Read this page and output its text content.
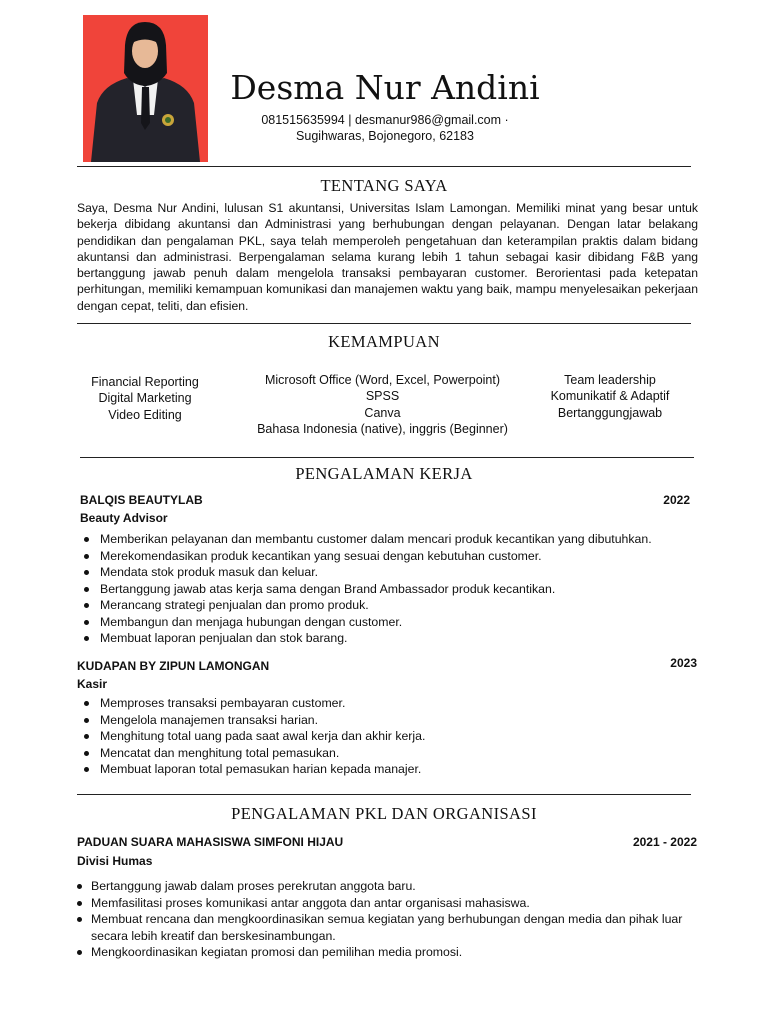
Desma Nur Andini
081515635994 | desmanur986@gmail.com ·
Sugihwaras, Bojonegoro, 62183
TENTANG SAYA
Saya, Desma Nur Andini, lulusan S1 akuntansi, Universitas Islam Lamongan. Memiliki minat yang besar untuk bekerja dibidang akuntansi dan Administrasi yang berhubungan dengan pelayanan. Dengan latar belakang pendidikan dan pengalaman PKL, saya telah memperoleh pengetahuan dan keterampilan praktis dalam bidang akuntansi dan administrasi. Berpengalaman selama kurang lebih 1 tahun sebagai kasir dibidang F&B yang bertanggung jawab penuh dalam mengelola transaksi pembayaran customer. Berorientasi pada ketepatan perhitungan, memiliki kemampuan komunikasi dan manajemen waktu yang baik, mampu menyelesaikan pekerjaan dengan cepat, teliti, dan efisien.
KEMAMPUAN
Financial Reporting
Digital Marketing
Video Editing
Microsoft Office (Word, Excel, Powerpoint)
SPSS
Canva
Bahasa Indonesia (native), inggris (Beginner)
Team leadership
Komunikatif & Adaptif
Bertanggungjawab
PENGALAMAN KERJA
BALQIS BEAUTYLAB	2022
Beauty Advisor
Memberikan pelayanan dan membantu customer dalam mencari produk kecantikan yang dibutuhkan.
Merekomendasikan produk kecantikan yang sesuai dengan kebutuhan customer.
Mendata stok produk masuk dan keluar.
Bertanggung jawab atas kerja sama dengan Brand Ambassador produk kecantikan.
Merancang strategi penjualan dan promo produk.
Membangun dan menjaga hubungan dengan customer.
Membuat laporan penjualan dan stok barang.
KUDAPAN BY ZIPUN LAMONGAN	2023
Kasir
Memproses transaksi pembayaran customer.
Mengelola manajemen transaksi harian.
Menghitung total uang pada saat awal kerja dan akhir kerja.
Mencatat dan menghitung total pemasukan.
Membuat laporan total pemasukan harian kepada manajer.
PENGALAMAN PKL DAN ORGANISASI
PADUAN SUARA MAHASISWA SIMFONI HIJAU	2021 - 2022
Divisi Humas
Bertanggung jawab dalam proses perekrutan anggota baru.
Memfasilitasi proses komunikasi antar anggota dan antar organisasi mahasiswa.
Membuat rencana dan mengkoordinasikan semua kegiatan yang berhubungan dengan media dan pihak luar secara lebih kreatif dan berskesinambungan.
Mengkoordinasikan kegiatan promosi dan pemilihan media promosi.
